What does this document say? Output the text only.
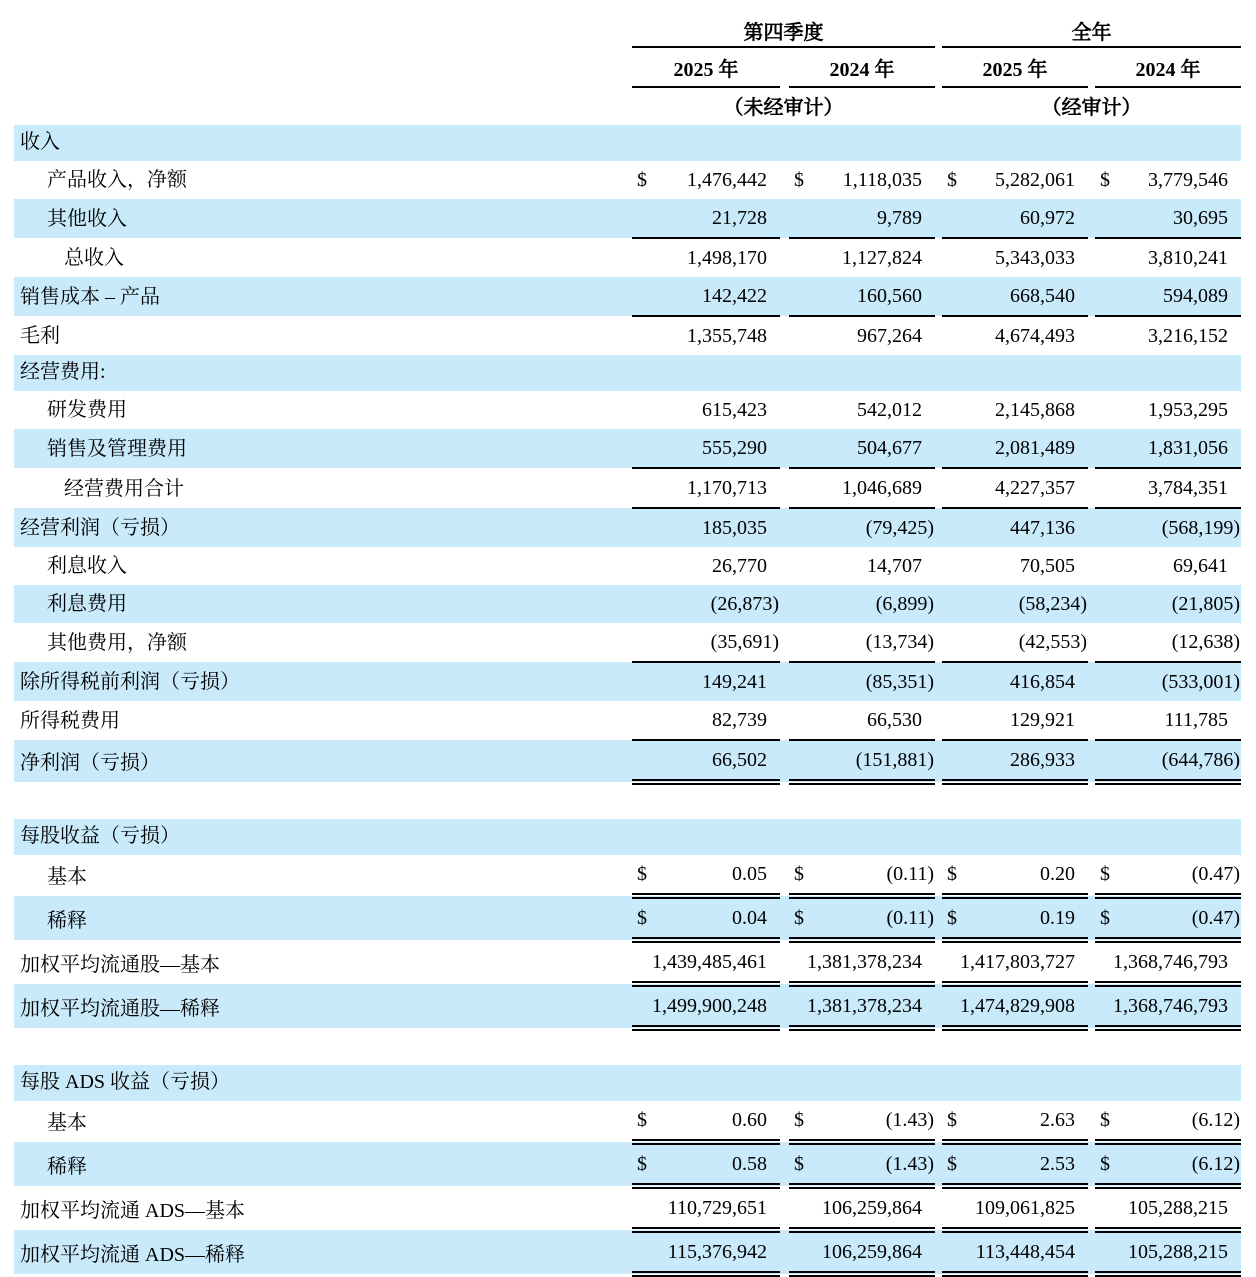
	第四季度				全年		
	2025 年		2024 年		2025 年		2024 年
	（未经审计）				（经审计）		
收入							
产品收入，净额	$ 1,476,442		$ 1,118,035		$ 5,282,061		$ 3,779,546

其他收入	21,728		9,789		60,972		30,695

总收入	1,498,170		1,127,824		5,343,033		3,810,241

销售成本 – 产品	142,422		160,560		668,540		594,089

毛利	1,355,748		967,264		4,674,493		3,216,152

经营费用:							
研发费用	615,423		542,012		2,145,868		1,953,295

销售及管理费用	555,290		504,677		2,081,489		1,831,056

经营费用合计	1,170,713		1,046,689		4,227,357		3,784,351

经营利润（亏损）	185,035		(79,425)		447,136		(568,199)

利息收入	26,770		14,707		70,505		69,641

利息费用	(26,873)		(6,899)		(58,234)		(21,805)

其他费用，净额	(35,691)		(13,734)		(42,553)		(12,638)

除所得税前利润（亏损）	149,241		(85,351)		416,854		(533,001)

所得税费用	82,739		66,530		129,921		111,785

净利润（亏损）	66,502		(151,881)		286,933		(644,786)

每股收益（亏损）							
基本	$ 0.05		$ (0.11)		$ 0.20		$ (0.47)

稀释	$ 0.04		$ (0.11)		$ 0.19		$ (0.47)

加权平均流通股—基本	1,439,485,461		1,381,378,234		1,417,803,727		1,368,746,793

加权平均流通股—稀释	1,499,900,248		1,381,378,234		1,474,829,908		1,368,746,793

每股 ADS 收益（亏损）							
基本	$ 0.60		$ (1.43)		$ 2.63		$ (6.12)

稀释	$ 0.58		$ (1.43)		$ 2.53		$ (6.12)

加权平均流通 ADS—基本	110,729,651		106,259,864		109,061,825		105,288,215

加权平均流通 ADS—稀释	115,376,942		106,259,864		113,448,454		105,288,215
